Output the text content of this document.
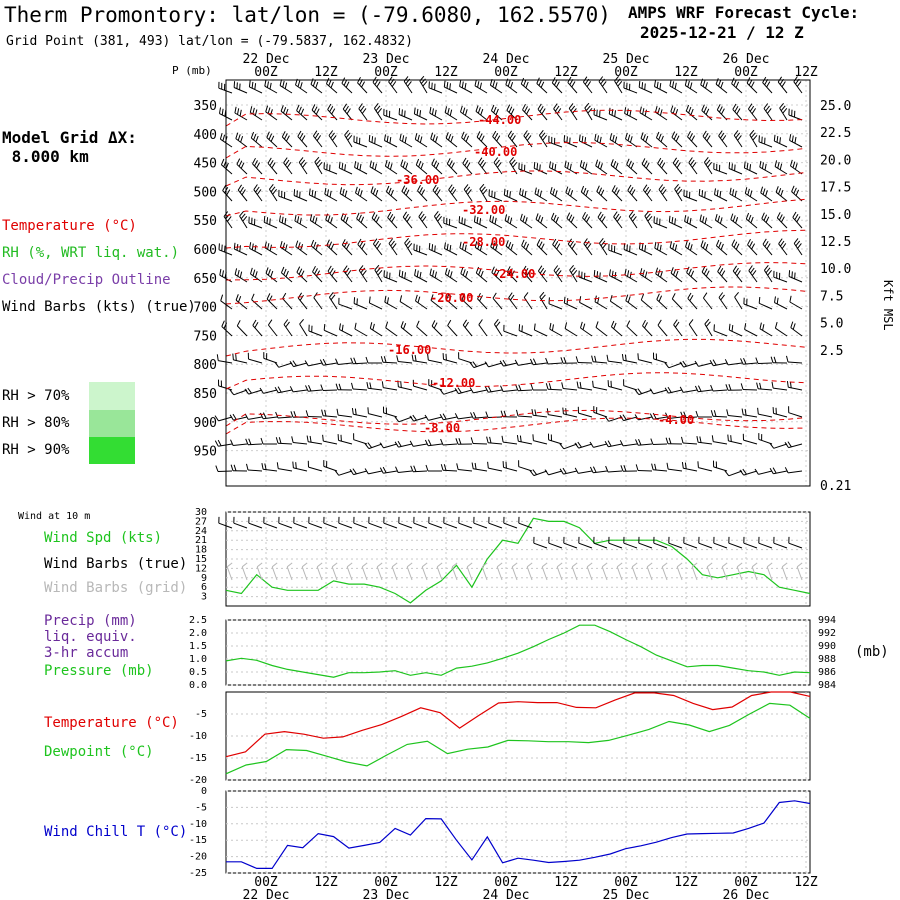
Therm Promontory: lat/lon = (-79.6080, 162.5570)
Grid Point (381, 493) lat/lon = (-79.5837, 162.4832)
AMPS WRF Forecast Cycle:
2025-12-21 / 12 Z
Model Grid ΔX:
8.000 km
Temperature (°C)
RH (%, WRT liq. wat.)
Cloud/Precip Outline
Wind Barbs (kts) (true)
RH > 70%
RH > 80%
RH > 90%
Wind at 10 m
Wind Spd (kts)
Wind Barbs (true)
Wind Barbs (grid)
Precip (mm)
liq. equiv.
3-hr accum
Pressure (mb)
Temperature (°C)
Dewpoint (°C)
Wind Chill T (°C)
(mb)
-44.00
-40.00
-36.00
-32.00
-28.00
-24.00
-20.00
-16.00
-12.00
-8.00
-4.00
3
6
9
12
15
18
21
24
27
30
0.0
0.5
1.0
1.5
2.0
2.5
984
986
988
990
992
994
-20
-15
-10
-5
-25
-20
-15
-10
-5
0
P (mb)
350
400
450
500
550
600
650
700
750
800
850
900
950
00Z
00Z
12Z
12Z
00Z
00Z
12Z
12Z
00Z
00Z
12Z
12Z
00Z
00Z
12Z
12Z
00Z
00Z
12Z
12Z
22 Dec
22 Dec
23 Dec
23 Dec
24 Dec
24 Dec
25 Dec
25 Dec
26 Dec
26 Dec
25.0
22.5
20.0
17.5
15.0
12.5
10.0
7.5
5.0
2.5
0.21
Kft MSL
